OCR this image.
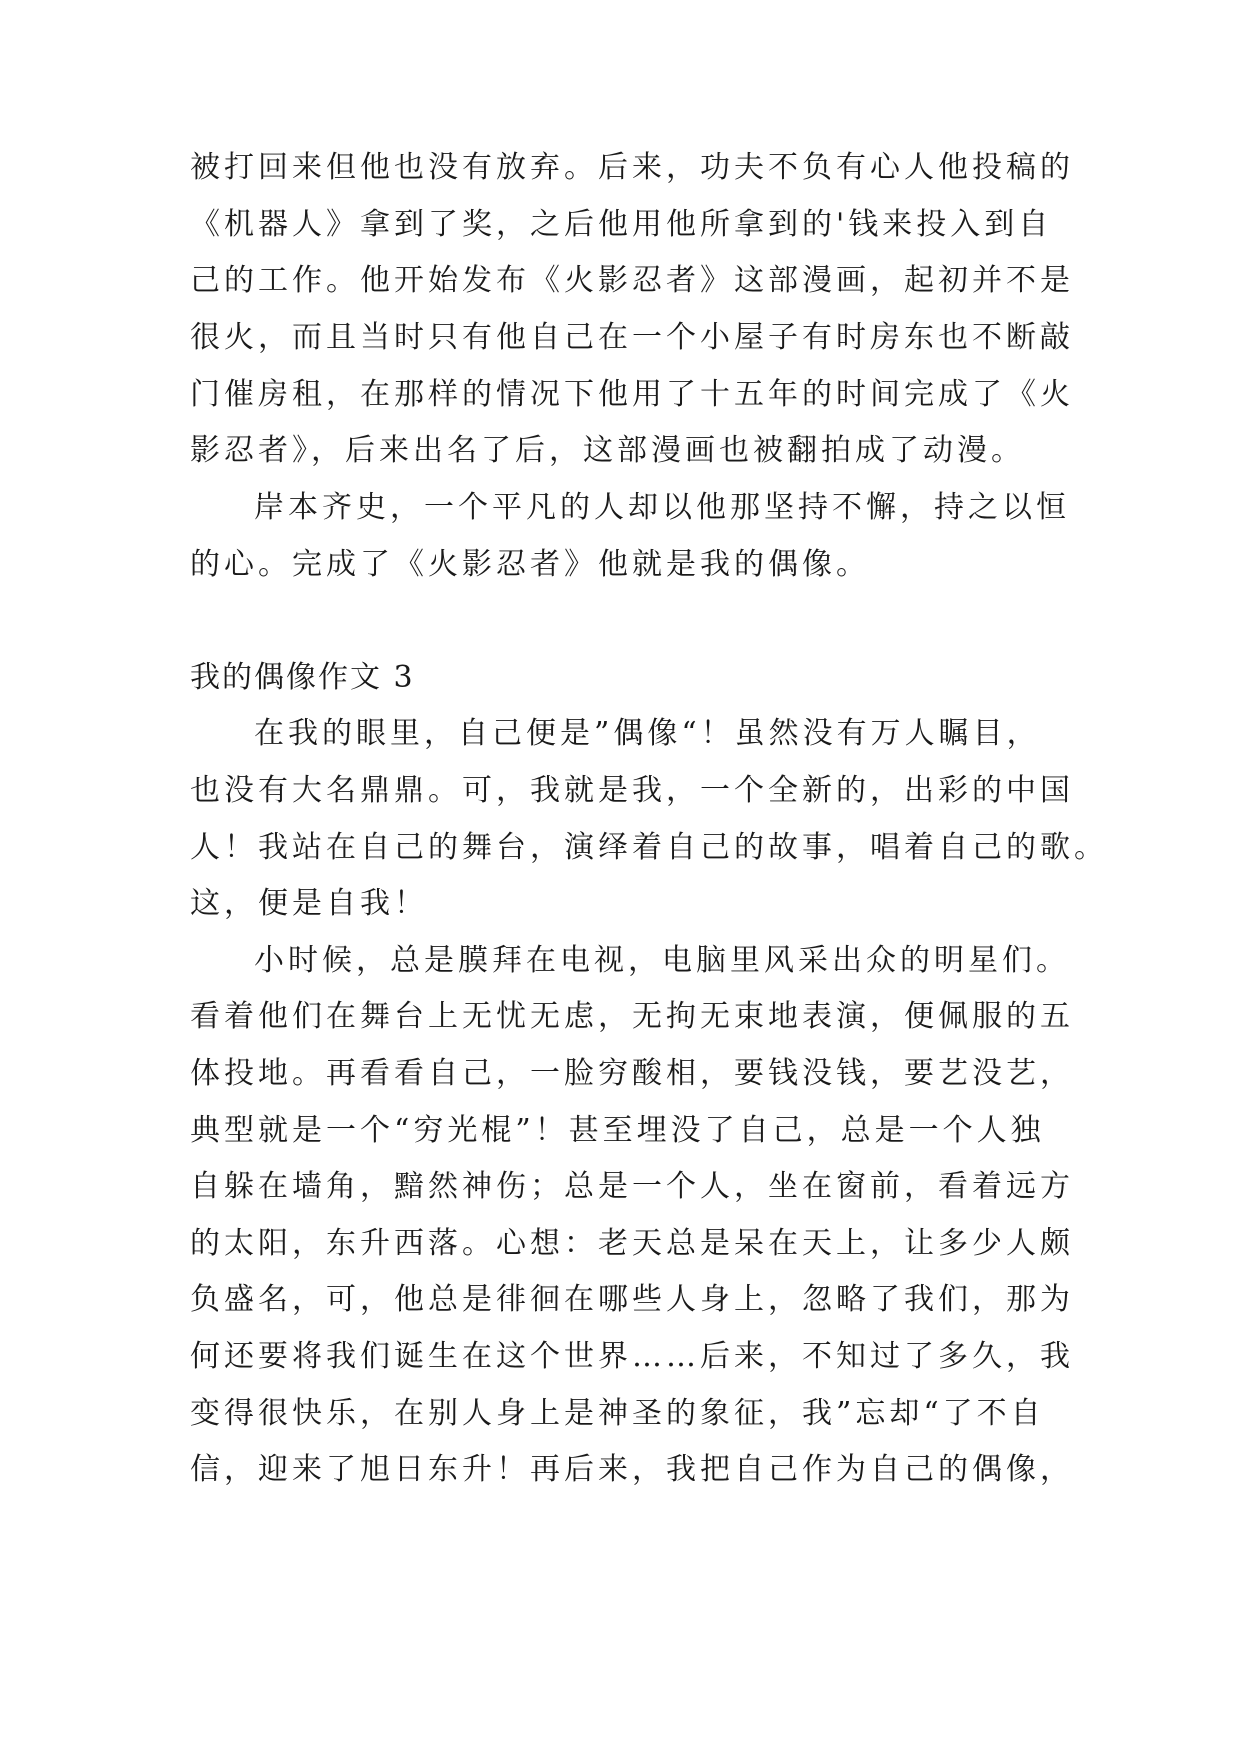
被打回来但他也没有放弃。后来，功夫不负有心人他投稿的
《机器人》拿到了奖，之后他用他所拿到的'钱来投入到自
己的工作。他开始发布《火影忍者》这部漫画，起初并不是
很火，而且当时只有他自己在一个小屋子有时房东也不断敲
门催房租，在那样的情况下他用了十五年的时间完成了《火
影忍者》，后来出名了后，这部漫画也被翻拍成了动漫。
岸本齐史，一个平凡的人却以他那坚持不懈，持之以恒
的心。完成了《火影忍者》他就是我的偶像。
我的偶像作文 3
在我的眼里，自己便是”偶像“！虽然没有万人瞩目，
也没有大名鼎鼎。可，我就是我，一个全新的，出彩的中国
人！我站在自己的舞台，演绎着自己的故事，唱着自己的歌。
这，便是自我！
小时候，总是膜拜在电视，电脑里风采出众的明星们。
看着他们在舞台上无忧无虑，无拘无束地表演，便佩服的五
体投地。再看看自己，一脸穷酸相，要钱没钱，要艺没艺，
典型就是一个“穷光棍”！甚至埋没了自己，总是一个人独
自躲在墙角，黯然神伤；总是一个人，坐在窗前，看着远方
的太阳，东升西落。心想：老天总是呆在天上，让多少人颇
负盛名，可，他总是徘徊在哪些人身上，忽略了我们，那为
何还要将我们诞生在这个世界……后来，不知过了多久，我
变得很快乐，在别人身上是神圣的象征，我”忘却“了不自
信，迎来了旭日东升！再后来，我把自己作为自己的偶像，
